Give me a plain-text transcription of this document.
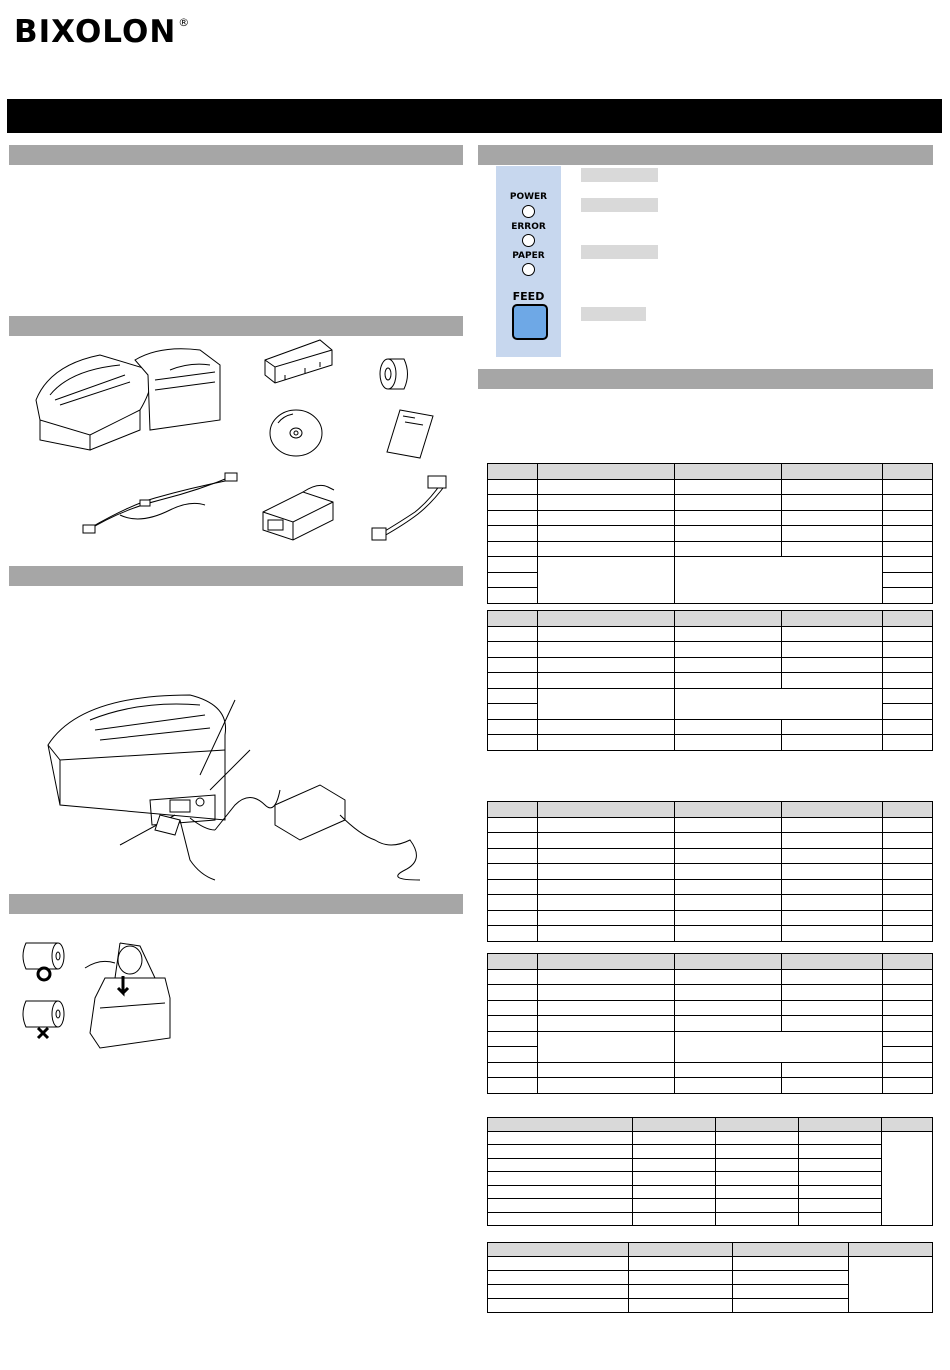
BIXOLON ®
POWER
ERROR
PAPER
FEED
